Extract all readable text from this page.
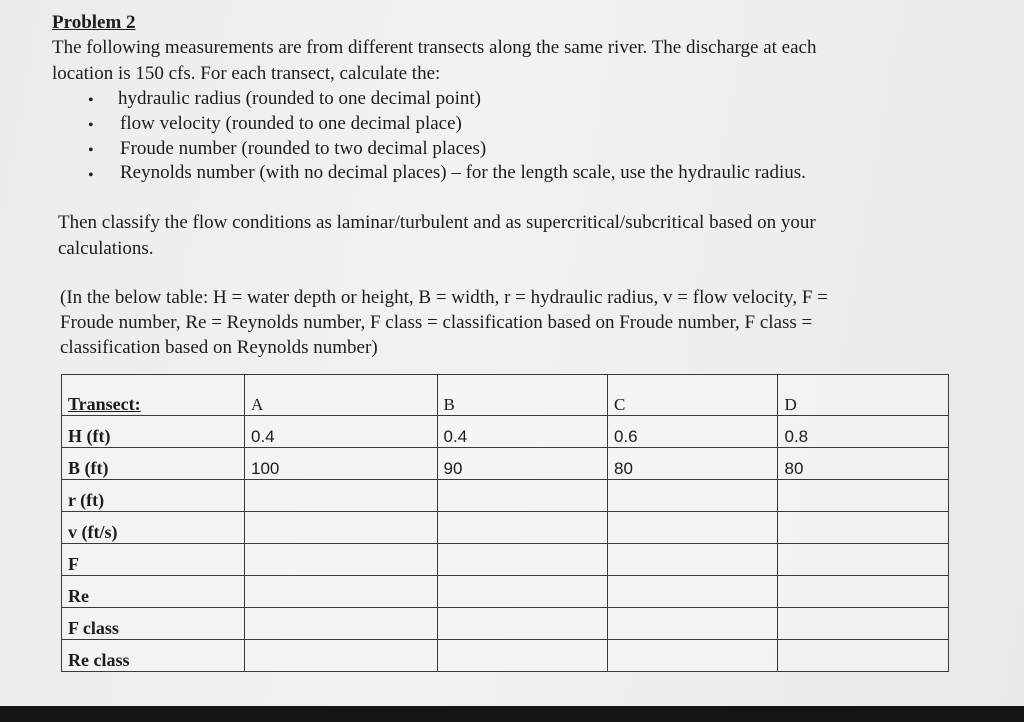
Problem 2
The following measurements are from different transects along the same river. The discharge at each
location is 150 cfs. For each transect, calculate the:
• hydraulic radius (rounded to one decimal point)
• flow velocity (rounded to one decimal place)
• Froude number (rounded to two decimal places)
• Reynolds number (with no decimal places) – for the length scale, use the hydraulic radius.
Then classify the flow conditions as laminar/turbulent and as supercritical/subcritical based on your
calculations.
(In the below table: H = water depth or height, B = width, r = hydraulic radius, v = flow velocity, F =
Froude number, Re = Reynolds number, F class = classification based on Froude number, F class =
classification based on Reynolds number)
Transect:	A	B	C	D
H (ft)	0.4	0.4	0.6	0.8
B (ft)	100	90	80	80
r (ft)				
v (ft/s)				
F				
Re				
F class				
Re class				
